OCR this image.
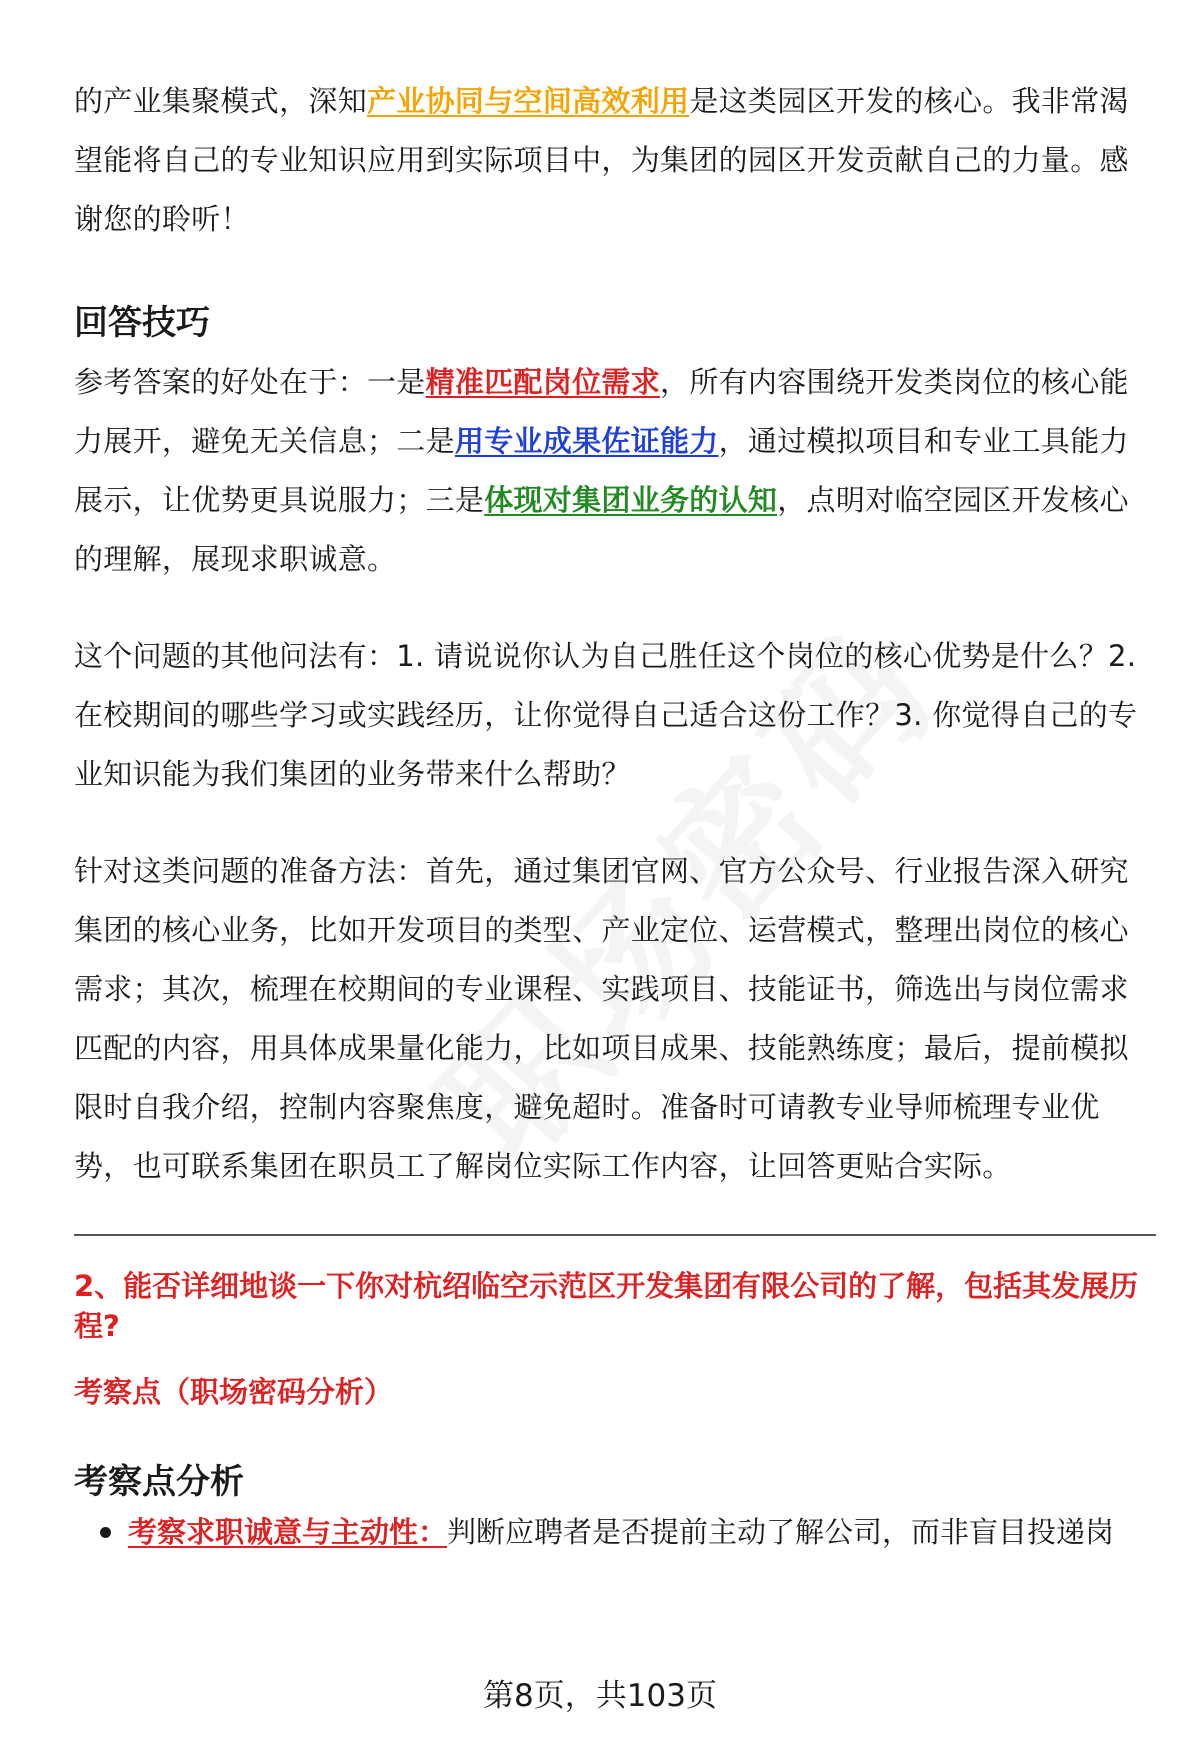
的产业集聚模式，深知产业协同与空间高效利用是这类园区开发的核心。我非常渴望能将自己的专业知识应用到实际项目中，为集团的园区开发贡献自己的力量。感谢您的聆听！

回答技巧

参考答案的好处在于：一是精准匹配岗位需求，所有内容围绕开发类岗位的核心能力展开，避免无关信息；二是用专业成果佐证能力，通过模拟项目和专业工具能力展示，让优势更具说服力；三是体现对集团业务的认知，点明对临空园区开发核心的理解，展现求职诚意。

这个问题的其他问法有：1. 请说说你认为自己胜任这个岗位的核心优势是什么？2. 在校期间的哪些学习或实践经历，让你觉得自己适合这份工作？3. 你觉得自己的专业知识能为我们集团的业务带来什么帮助？

针对这类问题的准备方法：首先，通过集团官网、官方公众号、行业报告深入研究集团的核心业务，比如开发项目的类型、产业定位、运营模式，整理出岗位的核心需求；其次，梳理在校期间的专业课程、实践项目、技能证书，筛选出与岗位需求匹配的内容，用具体成果量化能力，比如项目成果、技能熟练度；最后，提前模拟限时自我介绍，控制内容聚焦度，避免超时。准备时可请教专业导师梳理专业优势，也可联系集团在职员工了解岗位实际工作内容，让回答更贴合实际。

2、能否详细地谈一下你对杭绍临空示范区开发集团有限公司的了解，包括其发展历程?
考察点（职场密码分析）
考察点分析
考察求职诚意与主动性：判断应聘者是否提前主动了解公司，而非盲目投递岗
第8页，共103页
